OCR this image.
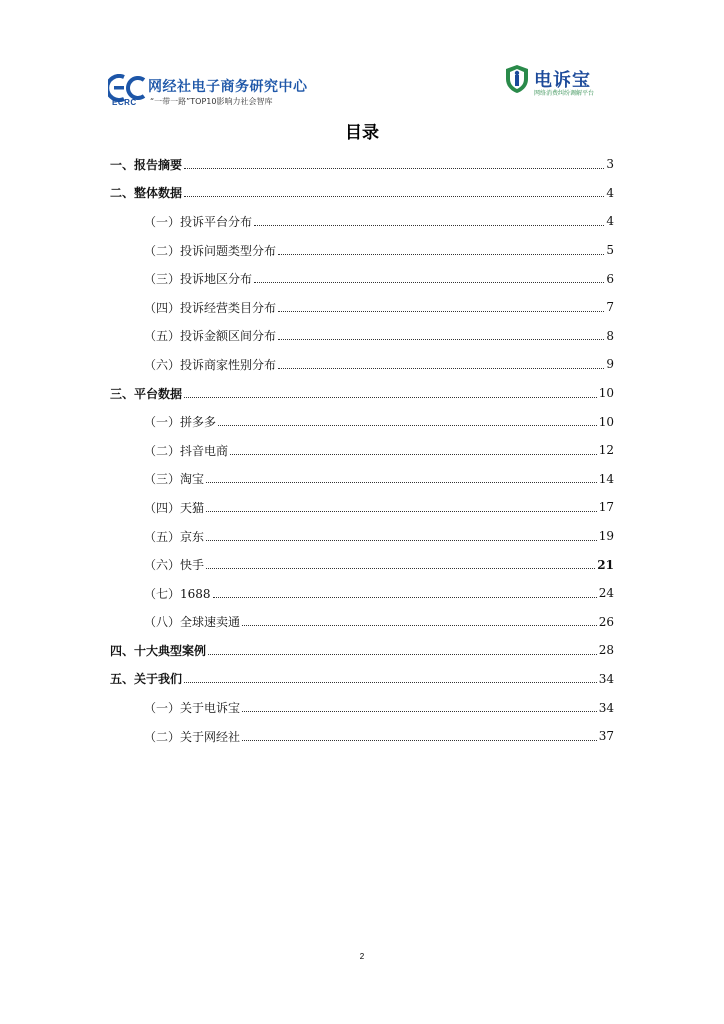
ECRC
网经社电子商务研究中心
“一带一路”TOP10影响力社会智库
电诉宝
网络消费纠纷调解平台
目录
一、报告摘要	3
二、整体数据	4
（一）投诉平台分布	4
（二）投诉问题类型分布	5
（三）投诉地区分布	6
（四）投诉经营类目分布	7
（五）投诉金额区间分布	8
（六）投诉商家性别分布	9
三、平台数据	10
（一）拼多多	10
（二）抖音电商	12
（三）淘宝	14
（四）天猫	17
（五）京东	19
（六）快手	21
（七）1688	24
（八）全球速卖通	26
四、十大典型案例	28
五、关于我们	34
（一）关于电诉宝	34
（二）关于网经社	37
2
